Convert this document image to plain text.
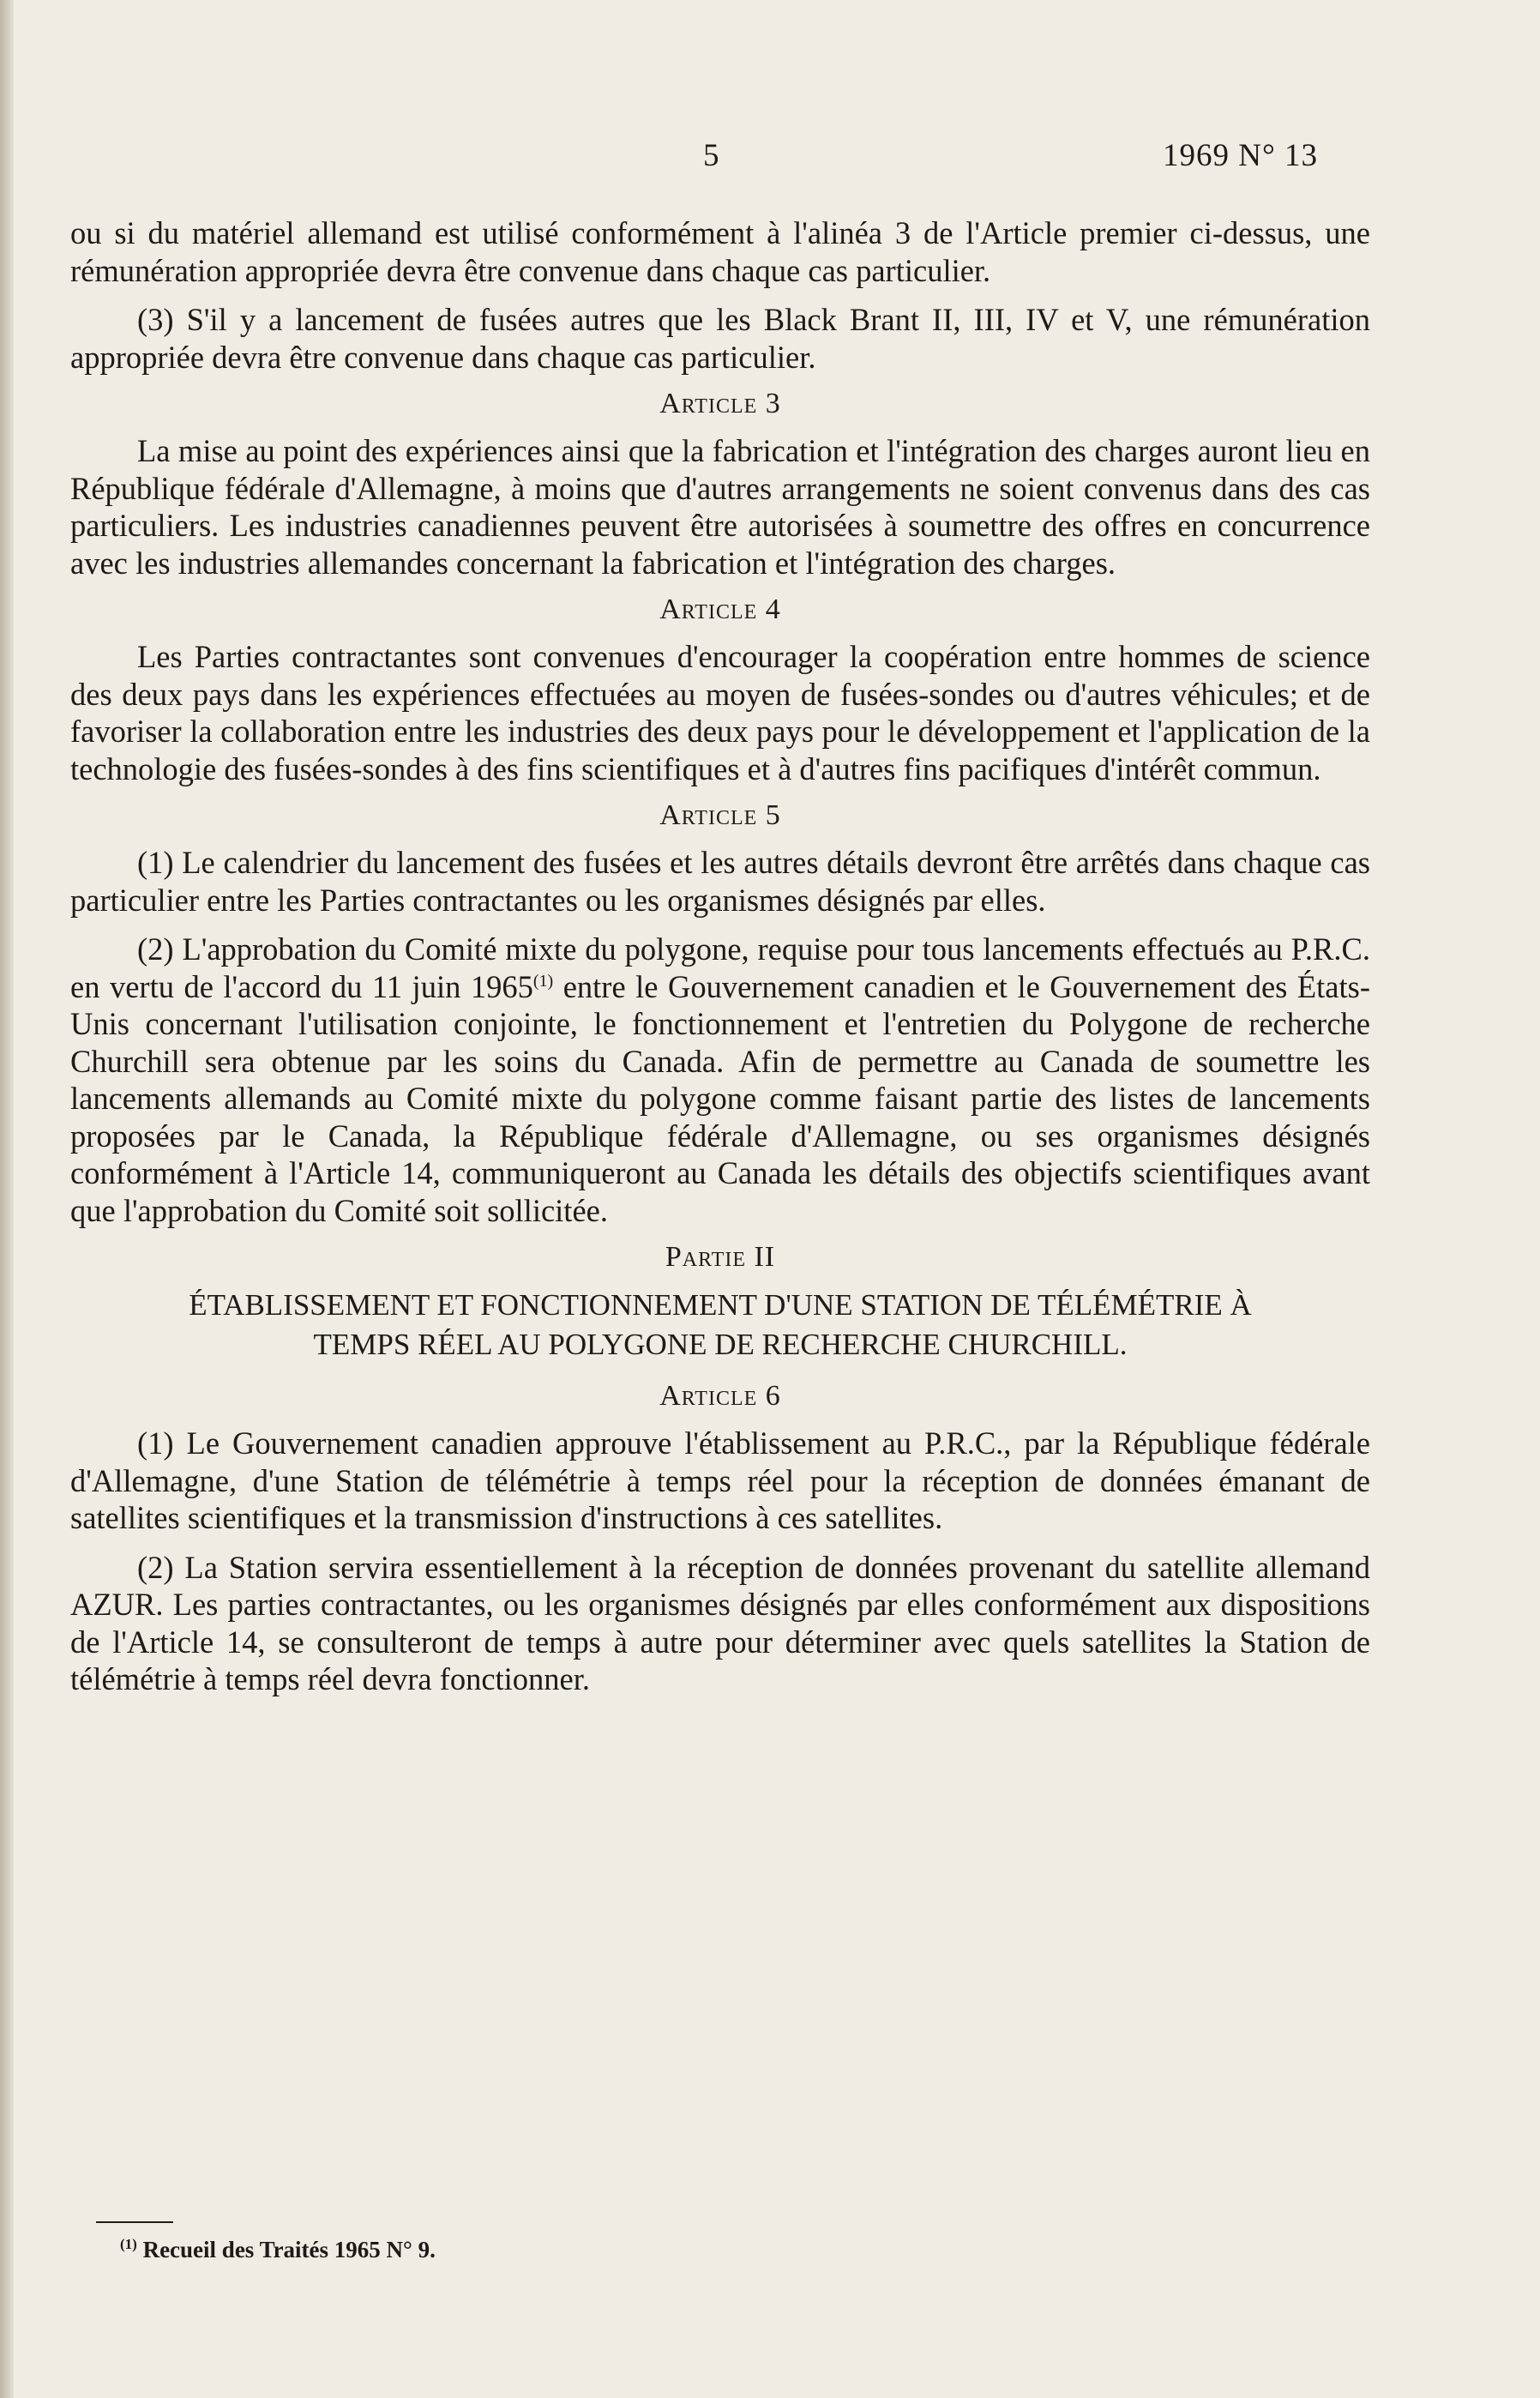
5	1969 N° 13

ou si du matériel allemand est utilisé conformément à l'alinéa 3 de l'Article premier ci-dessus, une rémunération appropriée devra être convenue dans chaque cas particulier.

(3) S'il y a lancement de fusées autres que les Black Brant II, III, IV et V, une rémunération appropriée devra être convenue dans chaque cas particulier.

Article 3

La mise au point des expériences ainsi que la fabrication et l'intégration des charges auront lieu en République fédérale d'Allemagne, à moins que d'autres arrangements ne soient convenus dans des cas particuliers. Les industries canadiennes peuvent être autorisées à soumettre des offres en concurrence avec les industries allemandes concernant la fabrication et l'intégration des charges.

Article 4

Les Parties contractantes sont convenues d'encourager la coopération entre hommes de science des deux pays dans les expériences effectuées au moyen de fusées-sondes ou d'autres véhicules; et de favoriser la collaboration entre les industries des deux pays pour le développement et l'application de la technologie des fusées-sondes à des fins scientifiques et à d'autres fins pacifiques d'intérêt commun.

Article 5

(1) Le calendrier du lancement des fusées et les autres détails devront être arrêtés dans chaque cas particulier entre les Parties contractantes ou les organismes désignés par elles.

(2) L'approbation du Comité mixte du polygone, requise pour tous lancements effectués au P.R.C. en vertu de l'accord du 11 juin 1965$^{(1)}$ entre le Gouvernement canadien et le Gouvernement des États-Unis concernant l'utilisation conjointe, le fonctionnement et l'entretien du Polygone de recherche Churchill sera obtenue par les soins du Canada. Afin de permettre au Canada de soumettre les lancements allemands au Comité mixte du polygone comme faisant partie des listes de lancements proposées par le Canada, la République fédérale d'Allemagne, ou ses organismes désignés conformément à l'Article 14, communiqueront au Canada les détails des objectifs scientifiques avant que l'approbation du Comité soit sollicitée.

Partie II
ÉTABLISSEMENT ET FONCTIONNEMENT D'UNE STATION DE TÉLÉMÉTRIE À TEMPS RÉEL AU POLYGONE DE RECHERCHE CHURCHILL.
Article 6

(1) Le Gouvernement canadien approuve l'établissement au P.R.C., par la République fédérale d'Allemagne, d'une Station de télémétrie à temps réel pour la réception de données émanant de satellites scientifiques et la transmission d'instructions à ces satellites.

(2) La Station servira essentiellement à la réception de données provenant du satellite allemand AZUR. Les parties contractantes, ou les organismes désignés par elles conformément aux dispositions de l'Article 14, se consulteront de temps à autre pour déterminer avec quels satellites la Station de télémétrie à temps réel devra fonctionner.

$^{(1)}$ Recueil des Traités 1965 N° 9.
